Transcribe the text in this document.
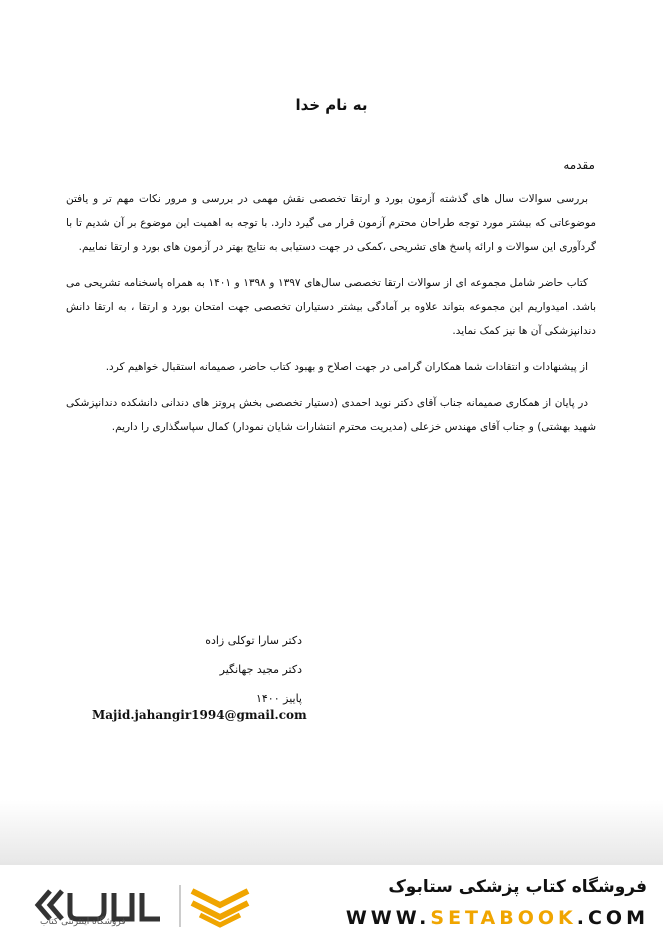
به نام خدا
مقدمه

بررسی سوالات سال های گذشته آزمون بورد و ارتقا تخصصی نقش مهمی در بررسی و مرور نکات مهم تر و یافتن موضوعاتی که بیشتر مورد توجه طراحان محترم آزمون قرار می گیرد دارد. با توجه به اهمیت این موضوع بر آن شدیم تا با گردآوری این سوالات و ارائه پاسخ های تشریحی ،کمکی در جهت دستیابی به نتایج بهتر در آزمون های بورد و ارتقا نماییم.

کتاب حاضر شامل مجموعه ای از سوالات ارتقا تخصصی سال‌های ۱۳۹۷ و ۱۳۹۸ و ۱۴۰۱ به همراه پاسخنامه تشریحی می باشد. امیدواریم این مجموعه بتواند علاوه بر آمادگی بیشتر دستیاران تخصصی جهت امتحان بورد و ارتقا ، به ارتقا دانش دندانپزشکی آن ها نیز کمک نماید.

از پیشنهادات و انتقادات شما همکاران گرامی در جهت اصلاح و بهبود کتاب حاضر، صمیمانه استقبال خواهیم کرد.

در پایان از همکاری صمیمانه جناب آقای دکتر نوید احمدی (دستیار تخصصی بخش پروتز های دندانی دانشکده دندانپزشکی شهید بهشتی) و جناب آقای مهندس خزعلی (مدیریت محترم انتشارات شایان نمودار) کمال سپاسگذاری را داریم.

دکتر سارا توکلی زاده
دکتر مجید جهانگیر
پاییز ۱۴۰۰
Majid.jahangir1994@gmail.com
فروشگاه اینترنتی کتاب
فروشگاه کتاب پزشکی ستابوک
WWW.SETABOOK.COM
